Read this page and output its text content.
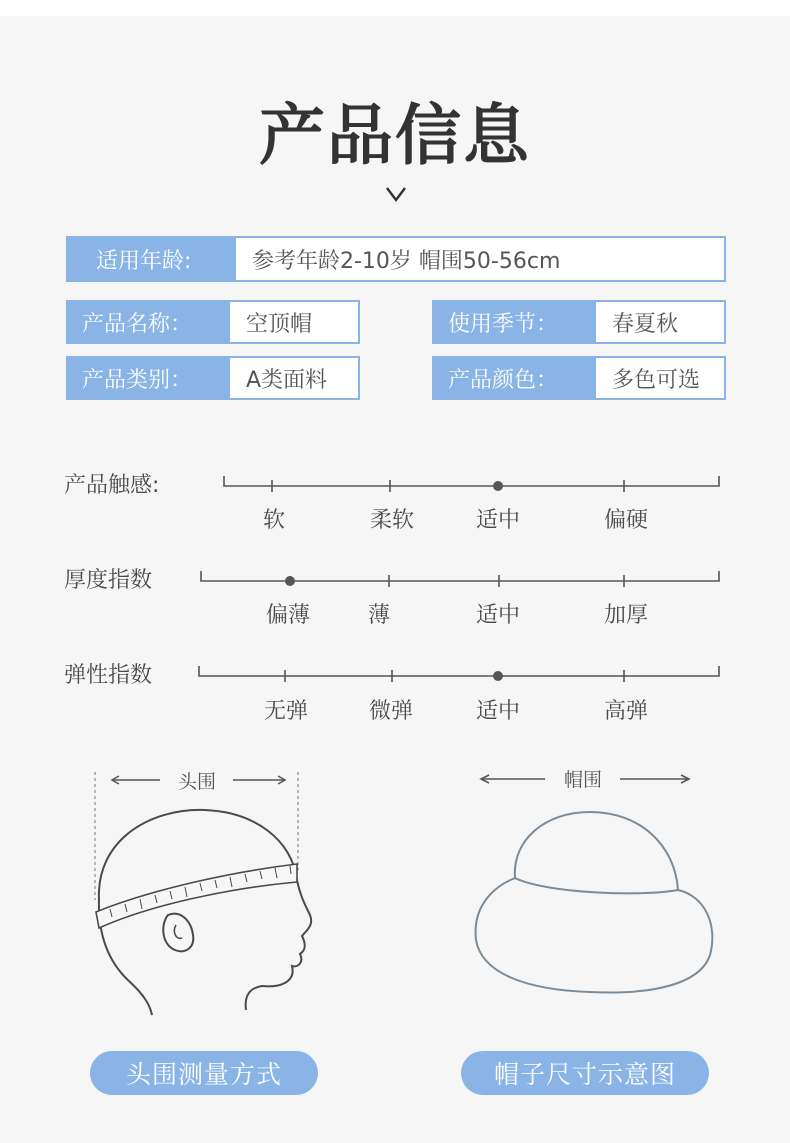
产品信息
适用年龄:	参考年龄2-10岁 帽围50-56cm
产品名称：	空顶帽	使用季节：	春夏秋
产品类别：	A类面料	产品颜色：	多色可选
产品触感:
厚度指数
弹性指数
软	柔软	适中	偏硬
偏薄	薄	适中	加厚
无弹	微弹	适中	高弹
头围	帽围
头围测量方式	帽子尺寸示意图
